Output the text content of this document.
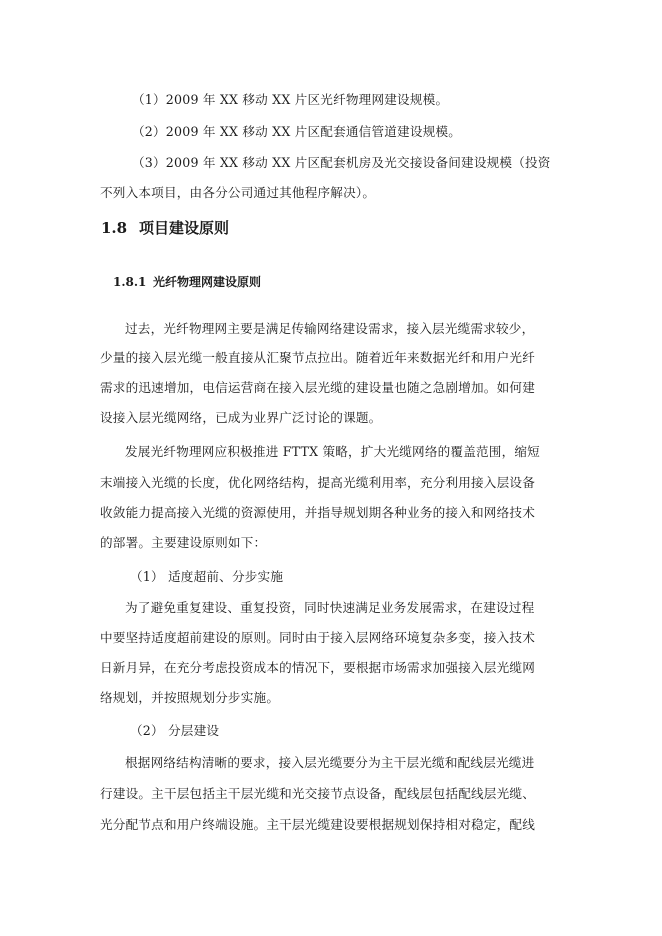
（1）2009 年 XX 移动 XX 片区光纤物理网建设规模。
（2）2009 年 XX 移动 XX 片区配套通信管道建设规模。
（3）2009 年 XX 移动 XX 片区配套机房及光交接设备间建设规模（投资
不列入本项目，由各分公司通过其他程序解决）。
1.8 项目建设原则
1.8.1 光纤物理网建设原则
过去，光纤物理网主要是满足传输网络建设需求，接入层光缆需求较少，
少量的接入层光缆一般直接从汇聚节点拉出。随着近年来数据光纤和用户光纤
需求的迅速增加，电信运营商在接入层光缆的建设量也随之急剧增加。如何建
设接入层光缆网络，已成为业界广泛讨论的课题。
发展光纤物理网应积极推进 FTTX 策略，扩大光缆网络的覆盖范围，缩短
末端接入光缆的长度，优化网络结构，提高光缆利用率，充分利用接入层设备
收敛能力提高接入光缆的资源使用，并指导规划期各种业务的接入和网络技术
的部署。主要建设原则如下：
（1） 适度超前、分步实施
为了避免重复建设、重复投资，同时快速满足业务发展需求，在建设过程
中要坚持适度超前建设的原则。同时由于接入层网络环境复杂多变，接入技术
日新月异，在充分考虑投资成本的情况下，要根据市场需求加强接入层光缆网
络规划，并按照规划分步实施。
（2） 分层建设
根据网络结构清晰的要求，接入层光缆要分为主干层光缆和配线层光缆进
行建设。主干层包括主干层光缆和光交接节点设备，配线层包括配线层光缆、
光分配节点和用户终端设施。主干层光缆建设要根据规划保持相对稳定，配线
